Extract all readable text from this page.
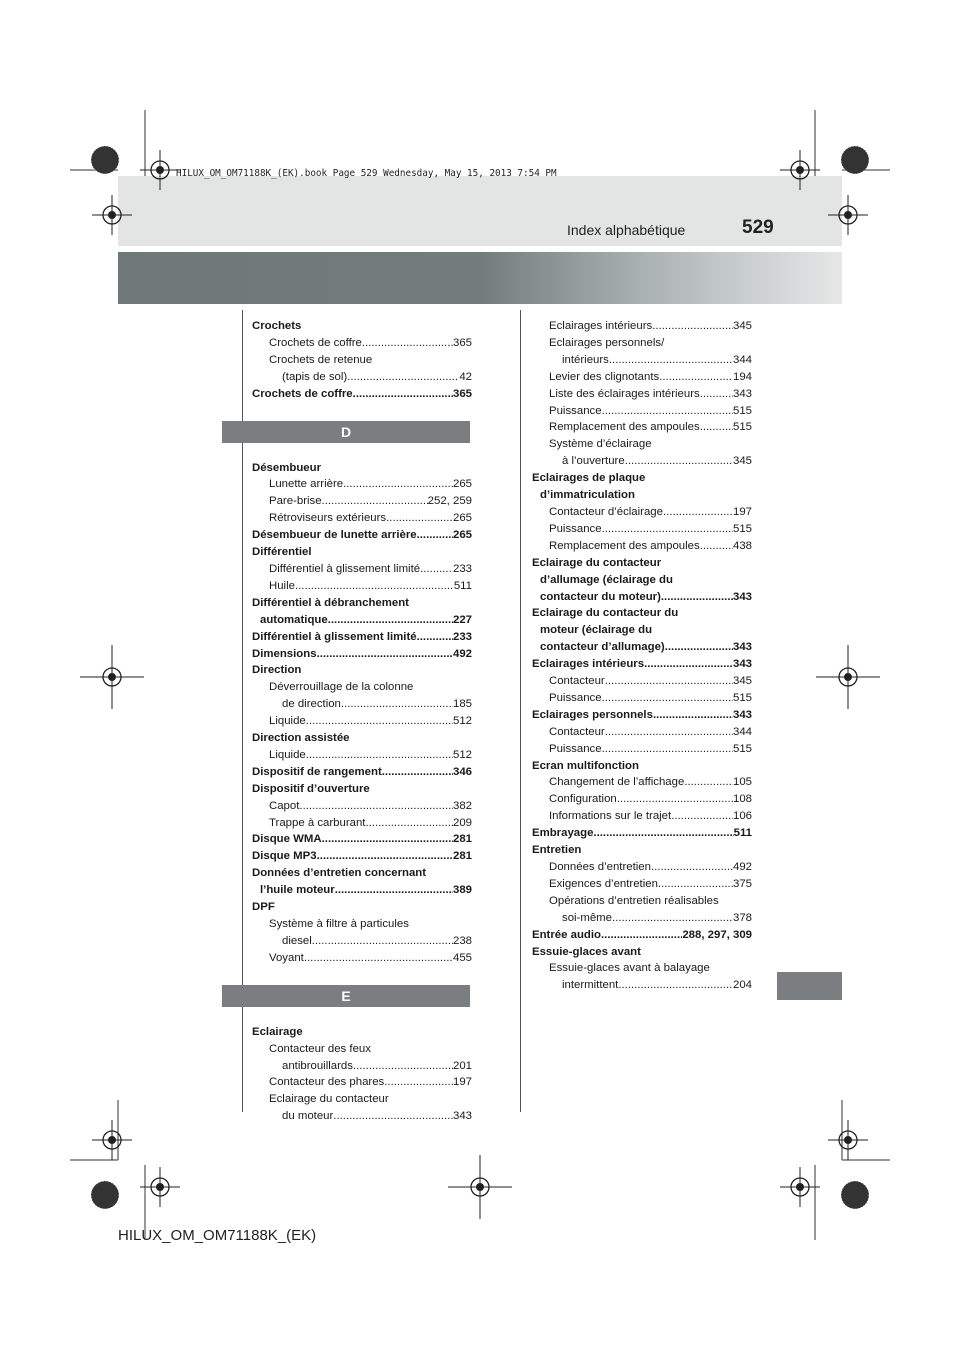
HILUX_OM_OM71188K_(EK).book Page 529 Wednesday, May 15, 2013 7:54 PM
Index alphabétique	529
Crochets
Crochets de coffre .....	365
Crochets de retenue
(tapis de sol) .....	42
Crochets de coffre .....	365
D
Désembueur
Lunette arrière .....	265
Pare-brise .....	252, 259
Rétroviseurs extérieurs .....	265
Désembueur de lunette arrière .....	265
Différentiel
Différentiel à glissement limité .....	233
Huile .....	511
Différentiel à débranchement
automatique .....	227
Différentiel à glissement limité .....	233
Dimensions .....	492
Direction
Déverrouillage de la colonne
de direction .....	185
Liquide .....	512
Direction assistée
Liquide .....	512
Dispositif de rangement .....	346
Dispositif d’ouverture
Capot .....	382
Trappe à carburant .....	209
Disque WMA .....	281
Disque MP3 .....	281
Données d’entretien concernant
l’huile moteur .....	389
DPF
Système à filtre à particules
diesel .....	238
Voyant .....	455
E
Eclairage
Contacteur des feux
antibrouillards .....	201
Contacteur des phares .....	197
Eclairage du contacteur
du moteur .....	343
Eclairages intérieurs .....	345
Eclairages personnels/
intérieurs .....	344
Levier des clignotants .....	194
Liste des éclairages intérieurs .....	343
Puissance .....	515
Remplacement des ampoules .....	515
Système d’éclairage
à l’ouverture .....	345
Eclairages de plaque
d’immatriculation
Contacteur d’éclairage .....	197
Puissance .....	515
Remplacement des ampoules .....	438
Eclairage du contacteur
d’allumage (éclairage du
contacteur du moteur) .....	343
Eclairage du contacteur du
moteur (éclairage du
contacteur d’allumage) .....	343
Eclairages intérieurs .....	343
Contacteur .....	345
Puissance .....	515
Eclairages personnels .....	343
Contacteur .....	344
Puissance .....	515
Ecran multifonction
Changement de l’affichage .....	105
Configuration .....	108
Informations sur le trajet .....	106
Embrayage .....	511
Entretien
Données d’entretien .....	492
Exigences d’entretien .....	375
Opérations d’entretien réalisables
soi-même .....	378
Entrée audio .....	288, 297, 309
Essuie-glaces avant
Essuie-glaces avant à balayage
intermittent .....	204
HILUX_OM_OM71188K_(EK)
